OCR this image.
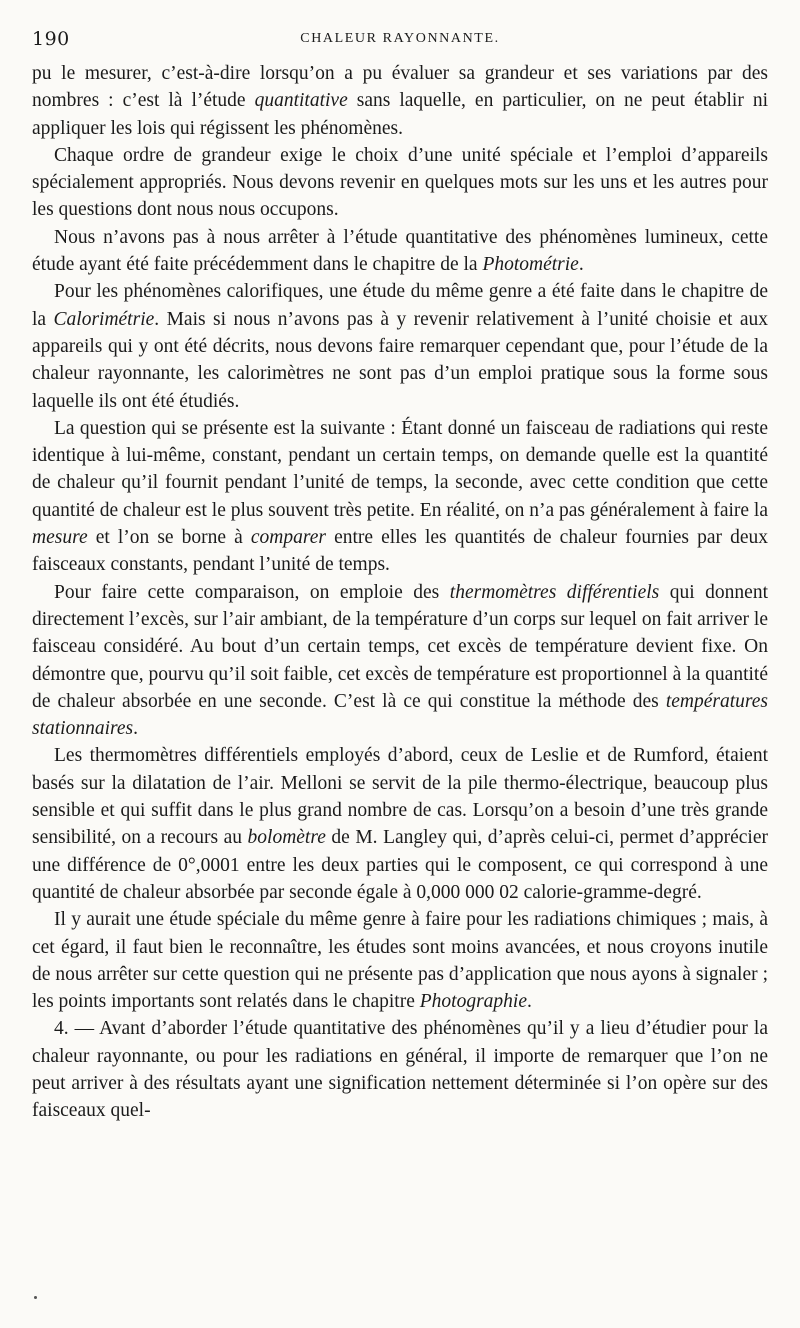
190	CHALEUR RAYONNANTE.

pu le mesurer, c’est-à-dire lorsqu’on a pu évaluer sa grandeur et ses variations par des nombres : c’est là l’étude quantitative sans laquelle, en particulier, on ne peut établir ni appliquer les lois qui régissent les phénomènes.

Chaque ordre de grandeur exige le choix d’une unité spéciale et l’emploi d’appareils spécialement appropriés. Nous devons revenir en quelques mots sur les uns et les autres pour les questions dont nous nous occupons.

Nous n’avons pas à nous arrêter à l’étude quantitative des phénomènes lumineux, cette étude ayant été faite précédemment dans le chapitre de la Photométrie.

Pour les phénomènes calorifiques, une étude du même genre a été faite dans le chapitre de la Calorimétrie. Mais si nous n’avons pas à y revenir relativement à l’unité choisie et aux appareils qui y ont été décrits, nous devons faire remarquer cependant que, pour l’étude de la chaleur rayonnante, les calorimètres ne sont pas d’un emploi pratique sous la forme sous laquelle ils ont été étudiés.

La question qui se présente est la suivante : Étant donné un faisceau de radiations qui reste identique à lui-même, constant, pendant un certain temps, on demande quelle est la quantité de chaleur qu’il fournit pendant l’unité de temps, la seconde, avec cette condition que cette quantité de chaleur est le plus souvent très petite. En réalité, on n’a pas généralement à faire la mesure et l’on se borne à comparer entre elles les quantités de chaleur fournies par deux faisceaux constants, pendant l’unité de temps.

Pour faire cette comparaison, on emploie des thermomètres différentiels qui donnent directement l’excès, sur l’air ambiant, de la température d’un corps sur lequel on fait arriver le faisceau considéré. Au bout d’un certain temps, cet excès de température devient fixe. On démontre que, pourvu qu’il soit faible, cet excès de température est proportionnel à la quantité de chaleur absorbée en une seconde. C’est là ce qui constitue la méthode des températures stationnaires.

Les thermomètres différentiels employés d’abord, ceux de Leslie et de Rumford, étaient basés sur la dilatation de l’air. Melloni se servit de la pile thermo-électrique, beaucoup plus sensible et qui suffit dans le plus grand nombre de cas. Lorsqu’on a besoin d’une très grande sensibilité, on a recours au bolomètre de M. Langley qui, d’après celui-ci, permet d’apprécier une différence de 0°,0001 entre les deux parties qui le composent, ce qui correspond à une quantité de chaleur absorbée par seconde égale à 0,000 000 02 calorie-gramme-degré.

Il y aurait une étude spéciale du même genre à faire pour les radiations chimiques ; mais, à cet égard, il faut bien le reconnaître, les études sont moins avancées, et nous croyons inutile de nous arrêter sur cette question qui ne présente pas d’application que nous ayons à signaler ; les points importants sont relatés dans le chapitre Photographie.

4. — Avant d’aborder l’étude quantitative des phénomènes qu’il y a lieu d’étudier pour la chaleur rayonnante, ou pour les radiations en général, il importe de remarquer que l’on ne peut arriver à des résultats ayant une signification nettement déterminée si l’on opère sur des faisceaux quel-
